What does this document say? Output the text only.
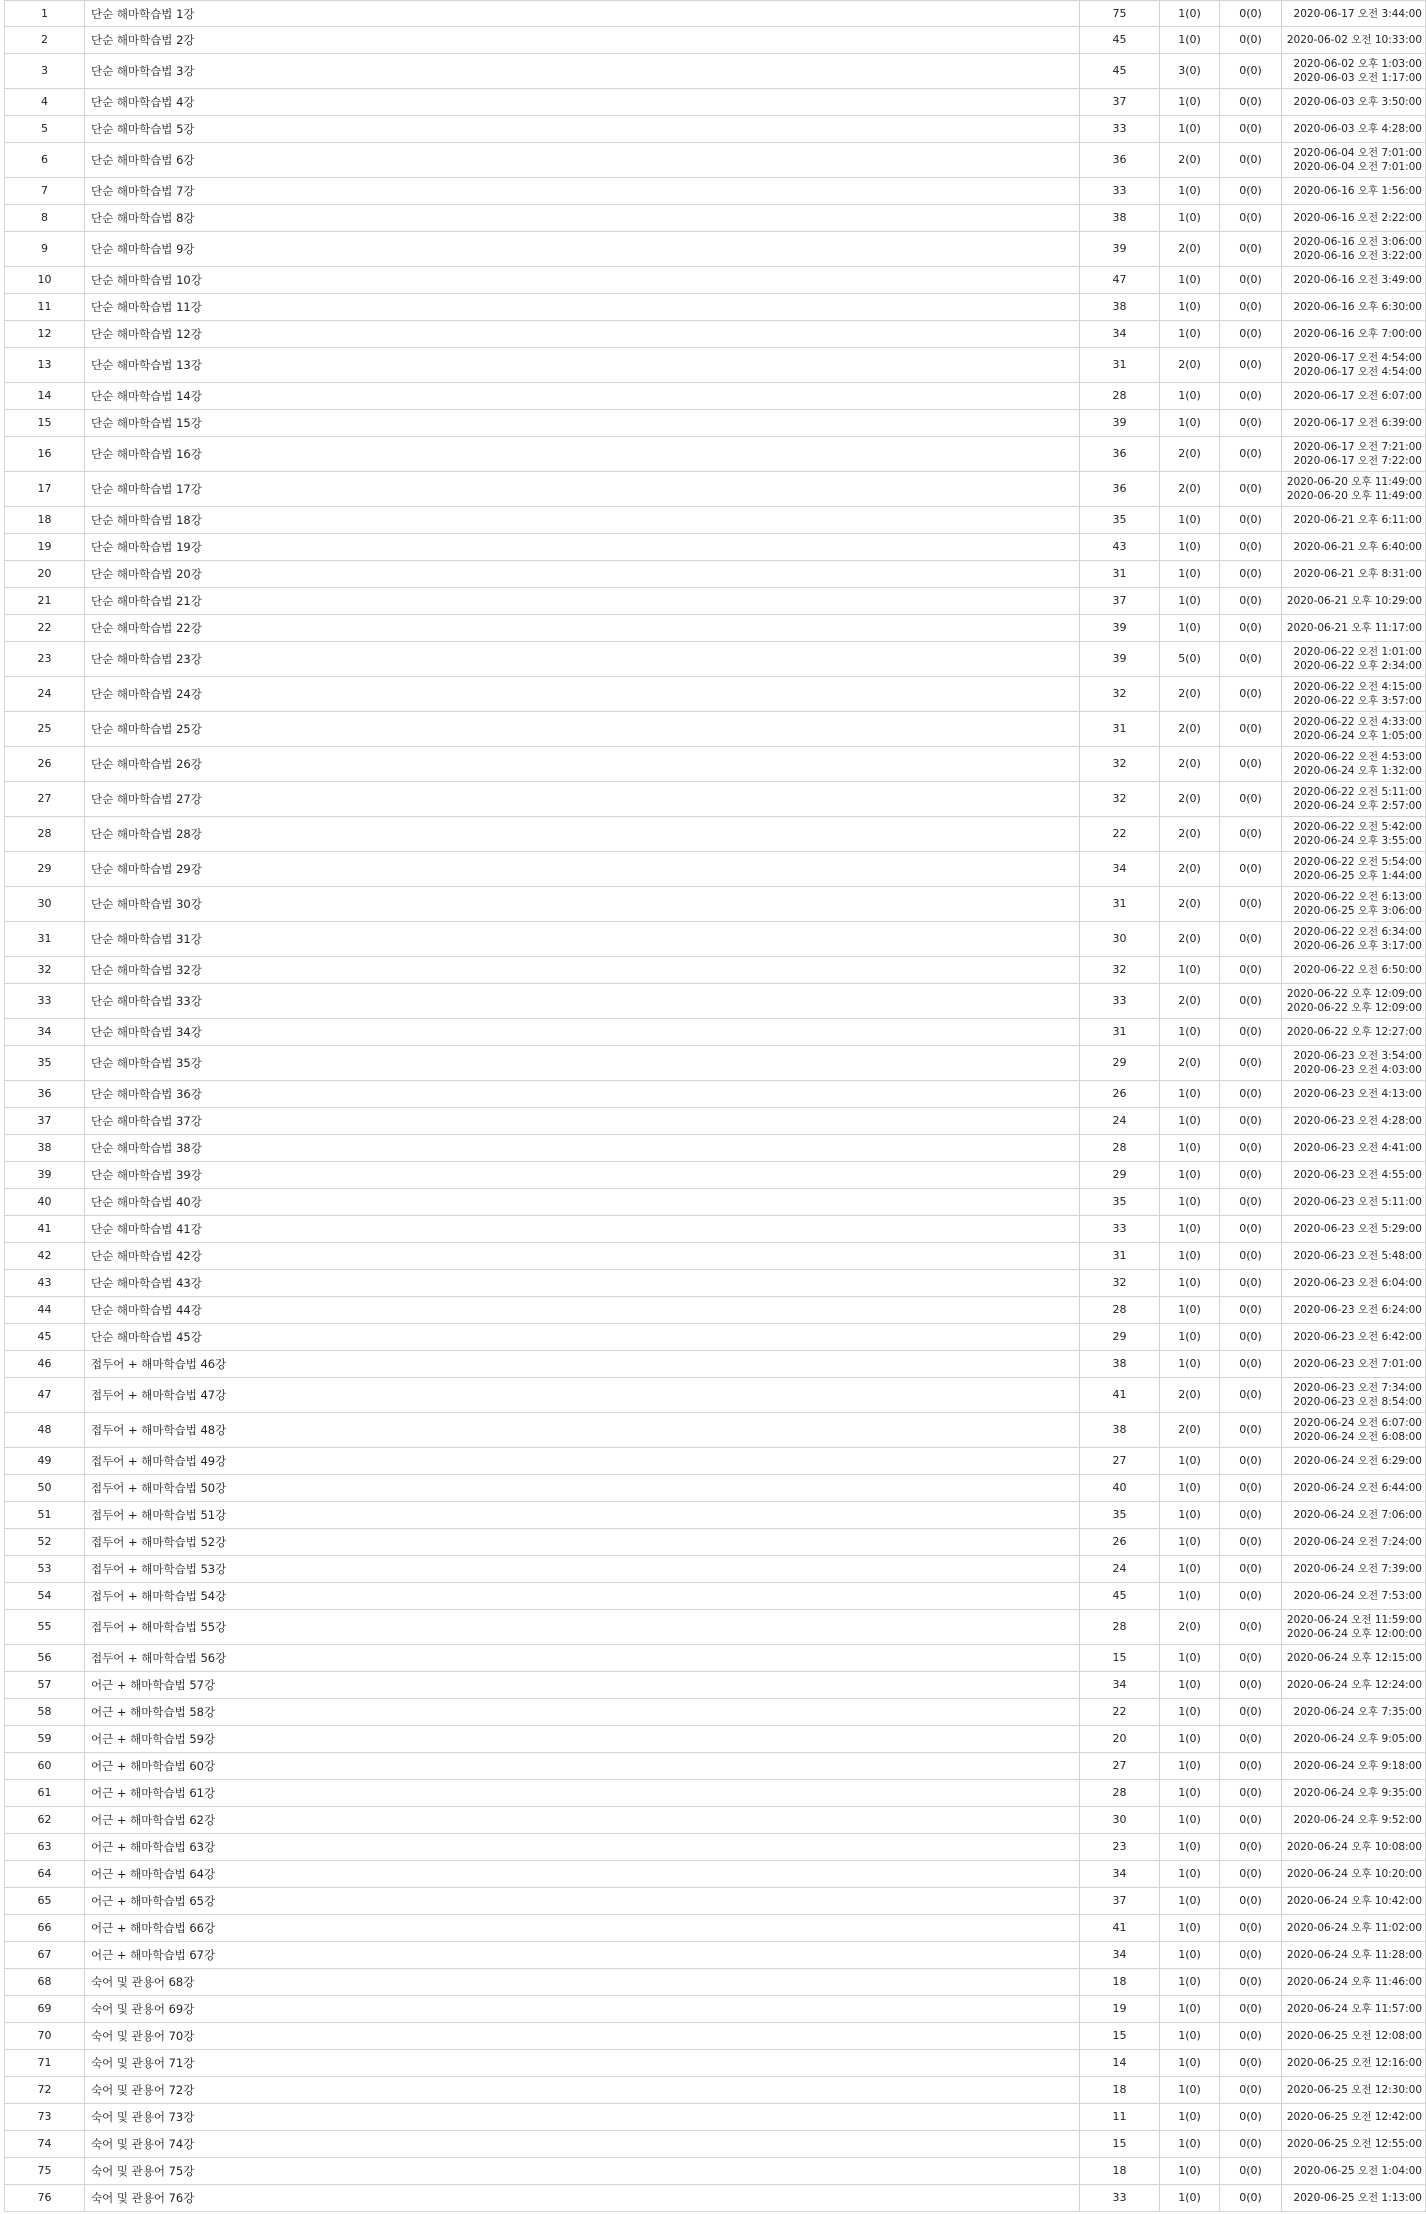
1	단순 해마학습법 1강	75	1(0)	0(0)	2020-06-17 오전 3:44:00
2	단순 해마학습법 2강	45	1(0)	0(0)	2020-06-02 오전 10:33:00
3	단순 해마학습법 3강	45	3(0)	0(0)	2020-06-02 오후 1:03:00
2020-06-03 오전 1:17:00
4	단순 해마학습법 4강	37	1(0)	0(0)	2020-06-03 오후 3:50:00
5	단순 해마학습법 5강	33	1(0)	0(0)	2020-06-03 오후 4:28:00
6	단순 해마학습법 6강	36	2(0)	0(0)	2020-06-04 오전 7:01:00
2020-06-04 오전 7:01:00
7	단순 해마학습법 7강	33	1(0)	0(0)	2020-06-16 오후 1:56:00
8	단순 해마학습법 8강	38	1(0)	0(0)	2020-06-16 오전 2:22:00
9	단순 해마학습법 9강	39	2(0)	0(0)	2020-06-16 오전 3:06:00
2020-06-16 오전 3:22:00
10	단순 해마학습법 10강	47	1(0)	0(0)	2020-06-16 오전 3:49:00
11	단순 해마학습법 11강	38	1(0)	0(0)	2020-06-16 오후 6:30:00
12	단순 해마학습법 12강	34	1(0)	0(0)	2020-06-16 오후 7:00:00
13	단순 해마학습법 13강	31	2(0)	0(0)	2020-06-17 오전 4:54:00
2020-06-17 오전 4:54:00
14	단순 해마학습법 14강	28	1(0)	0(0)	2020-06-17 오전 6:07:00
15	단순 해마학습법 15강	39	1(0)	0(0)	2020-06-17 오전 6:39:00
16	단순 해마학습법 16강	36	2(0)	0(0)	2020-06-17 오전 7:21:00
2020-06-17 오전 7:22:00
17	단순 해마학습법 17강	36	2(0)	0(0)	2020-06-20 오후 11:49:00
2020-06-20 오후 11:49:00
18	단순 해마학습법 18강	35	1(0)	0(0)	2020-06-21 오후 6:11:00
19	단순 해마학습법 19강	43	1(0)	0(0)	2020-06-21 오후 6:40:00
20	단순 해마학습법 20강	31	1(0)	0(0)	2020-06-21 오후 8:31:00
21	단순 해마학습법 21강	37	1(0)	0(0)	2020-06-21 오후 10:29:00
22	단순 해마학습법 22강	39	1(0)	0(0)	2020-06-21 오후 11:17:00
23	단순 해마학습법 23강	39	5(0)	0(0)	2020-06-22 오전 1:01:00
2020-06-22 오후 2:34:00
24	단순 해마학습법 24강	32	2(0)	0(0)	2020-06-22 오전 4:15:00
2020-06-22 오후 3:57:00
25	단순 해마학습법 25강	31	2(0)	0(0)	2020-06-22 오전 4:33:00
2020-06-24 오후 1:05:00
26	단순 해마학습법 26강	32	2(0)	0(0)	2020-06-22 오전 4:53:00
2020-06-24 오후 1:32:00
27	단순 해마학습법 27강	32	2(0)	0(0)	2020-06-22 오전 5:11:00
2020-06-24 오후 2:57:00
28	단순 해마학습법 28강	22	2(0)	0(0)	2020-06-22 오전 5:42:00
2020-06-24 오후 3:55:00
29	단순 해마학습법 29강	34	2(0)	0(0)	2020-06-22 오전 5:54:00
2020-06-25 오후 1:44:00
30	단순 해마학습법 30강	31	2(0)	0(0)	2020-06-22 오전 6:13:00
2020-06-25 오후 3:06:00
31	단순 해마학습법 31강	30	2(0)	0(0)	2020-06-22 오전 6:34:00
2020-06-26 오후 3:17:00
32	단순 해마학습법 32강	32	1(0)	0(0)	2020-06-22 오전 6:50:00
33	단순 해마학습법 33강	33	2(0)	0(0)	2020-06-22 오후 12:09:00
2020-06-22 오후 12:09:00
34	단순 해마학습법 34강	31	1(0)	0(0)	2020-06-22 오후 12:27:00
35	단순 해마학습법 35강	29	2(0)	0(0)	2020-06-23 오전 3:54:00
2020-06-23 오전 4:03:00
36	단순 해마학습법 36강	26	1(0)	0(0)	2020-06-23 오전 4:13:00
37	단순 해마학습법 37강	24	1(0)	0(0)	2020-06-23 오전 4:28:00
38	단순 해마학습법 38강	28	1(0)	0(0)	2020-06-23 오전 4:41:00
39	단순 해마학습법 39강	29	1(0)	0(0)	2020-06-23 오전 4:55:00
40	단순 해마학습법 40강	35	1(0)	0(0)	2020-06-23 오전 5:11:00
41	단순 해마학습법 41강	33	1(0)	0(0)	2020-06-23 오전 5:29:00
42	단순 해마학습법 42강	31	1(0)	0(0)	2020-06-23 오전 5:48:00
43	단순 해마학습법 43강	32	1(0)	0(0)	2020-06-23 오전 6:04:00
44	단순 해마학습법 44강	28	1(0)	0(0)	2020-06-23 오전 6:24:00
45	단순 해마학습법 45강	29	1(0)	0(0)	2020-06-23 오전 6:42:00
46	접두어 + 해마학습법 46강	38	1(0)	0(0)	2020-06-23 오전 7:01:00
47	접두어 + 해마학습법 47강	41	2(0)	0(0)	2020-06-23 오전 7:34:00
2020-06-23 오전 8:54:00
48	접두어 + 해마학습법 48강	38	2(0)	0(0)	2020-06-24 오전 6:07:00
2020-06-24 오전 6:08:00
49	접두어 + 해마학습법 49강	27	1(0)	0(0)	2020-06-24 오전 6:29:00
50	접두어 + 해마학습법 50강	40	1(0)	0(0)	2020-06-24 오전 6:44:00
51	접두어 + 해마학습법 51강	35	1(0)	0(0)	2020-06-24 오전 7:06:00
52	접두어 + 해마학습법 52강	26	1(0)	0(0)	2020-06-24 오전 7:24:00
53	접두어 + 해마학습법 53강	24	1(0)	0(0)	2020-06-24 오전 7:39:00
54	접두어 + 해마학습법 54강	45	1(0)	0(0)	2020-06-24 오전 7:53:00
55	접두어 + 해마학습법 55강	28	2(0)	0(0)	2020-06-24 오전 11:59:00
2020-06-24 오후 12:00:00
56	접두어 + 해마학습법 56강	15	1(0)	0(0)	2020-06-24 오후 12:15:00
57	어근 + 해마학습법 57강	34	1(0)	0(0)	2020-06-24 오후 12:24:00
58	어근 + 해마학습법 58강	22	1(0)	0(0)	2020-06-24 오후 7:35:00
59	어근 + 해마학습법 59강	20	1(0)	0(0)	2020-06-24 오후 9:05:00
60	어근 + 해마학습법 60강	27	1(0)	0(0)	2020-06-24 오후 9:18:00
61	어근 + 해마학습법 61강	28	1(0)	0(0)	2020-06-24 오후 9:35:00
62	어근 + 해마학습법 62강	30	1(0)	0(0)	2020-06-24 오후 9:52:00
63	어근 + 해마학습법 63강	23	1(0)	0(0)	2020-06-24 오후 10:08:00
64	어근 + 해마학습법 64강	34	1(0)	0(0)	2020-06-24 오후 10:20:00
65	어근 + 해마학습법 65강	37	1(0)	0(0)	2020-06-24 오후 10:42:00
66	어근 + 해마학습법 66강	41	1(0)	0(0)	2020-06-24 오후 11:02:00
67	어근 + 해마학습법 67강	34	1(0)	0(0)	2020-06-24 오후 11:28:00
68	숙어 및 관용어 68강	18	1(0)	0(0)	2020-06-24 오후 11:46:00
69	숙어 및 관용어 69강	19	1(0)	0(0)	2020-06-24 오후 11:57:00
70	숙어 및 관용어 70강	15	1(0)	0(0)	2020-06-25 오전 12:08:00
71	숙어 및 관용어 71강	14	1(0)	0(0)	2020-06-25 오전 12:16:00
72	숙어 및 관용어 72강	18	1(0)	0(0)	2020-06-25 오전 12:30:00
73	숙어 및 관용어 73강	11	1(0)	0(0)	2020-06-25 오전 12:42:00
74	숙어 및 관용어 74강	15	1(0)	0(0)	2020-06-25 오전 12:55:00
75	숙어 및 관용어 75강	18	1(0)	0(0)	2020-06-25 오전 1:04:00
76	숙어 및 관용어 76강	33	1(0)	0(0)	2020-06-25 오전 1:13:00
